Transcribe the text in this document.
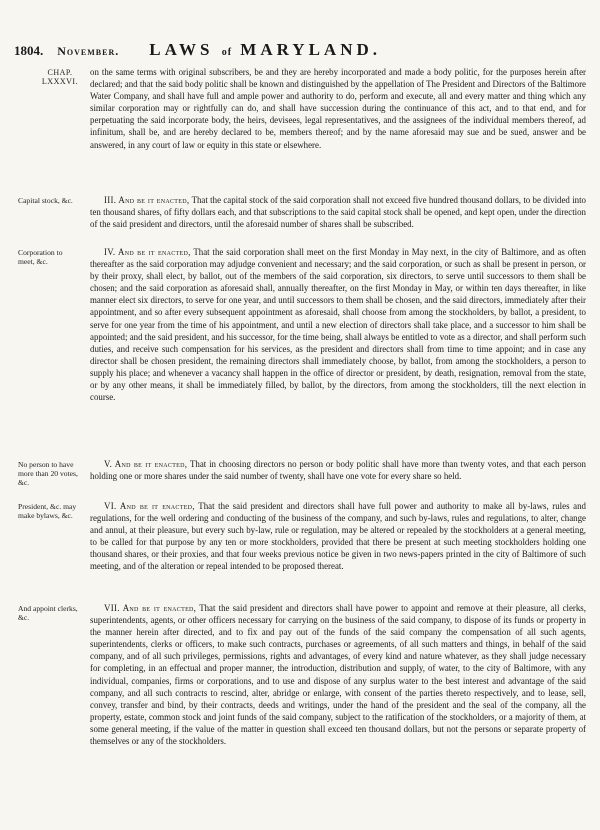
1804. November. LAWS of MARYLAND.
CHAP.
LXXXVI.
on the same terms with original subscribers, be and they are hereby incorporated and made a body politic, for the purposes herein after declared; and that the said body politic shall be known and distinguished by the appellation of The President and Directors of the Baltimore Water Company, and shall have full and ample power and authority to do, perform and execute, all and every matter and thing which any similar corporation may or rightfully can do, and shall have succession during the continuance of this act, and to that end, and for perpetuating the said incorporate body, the heirs, devisees, legal representatives, and the assignees of the individual members thereof, ad infinitum, shall be, and are hereby declared to be, members thereof; and by the name aforesaid may sue and be sued, answer and be answered, in any court of law or equity in this state or elsewhere.
Capital stock, &c.	III. And be it enacted, That the capital stock of the said corporation shall not exceed five hundred thousand dollars, to be divided into ten thousand shares, of fifty dollars each, and that subscriptions to the said capital stock shall be opened, and kept open, under the direction of the said president and directors, until the aforesaid number of shares shall be subscribed.
Corporation to meet, &c.
IV. And be it enacted, That the said corporation shall meet on the first Monday in May next, in the city of Baltimore, and as often thereafter as the said corporation may adjudge convenient and necessary; and the said corporation, or such as shall be present in person, or by their proxy, shall elect, by ballot, out of the members of the said corporation, six directors, to serve until successors to them shall be chosen; and the said corporation as aforesaid shall, annually thereafter, on the first Monday in May, or within ten days thereafter, in like manner elect six directors, to serve for one year, and until successors to them shall be chosen, and the said directors, immediately after their appointment, and so after every subsequent appointment as aforesaid, shall choose from among the stockholders, by ballot, a president, to serve for one year from the time of his appointment, and until a new election of directors shall take place, and a successor to him shall be appointed; and the said president, and his successor, for the time being, shall always be entitled to vote as a director, and shall perform such duties, and receive such compensation for his services, as the president and directors shall from time to time appoint; and in case any director shall be chosen president, the remaining directors shall immediately choose, by ballot, from among the stockholders, a person to supply his place; and whenever a vacancy shall happen in the office of director or president, by death, resignation, removal from the state, or by any other means, it shall be immediately filled, by ballot, by the directors, from among the stockholders, till the next election in course.
No person to have more than 20 votes, &c.
V. And be it enacted, That in choosing directors no person or body politic shall have more than twenty votes, and that each person holding one or more shares under the said number of twenty, shall have one vote for every share so held.
President, &c. may make bylaws, &c.
VI. And be it enacted, That the said president and directors shall have full power and authority to make all by-laws, rules and regulations, for the well ordering and conducting of the business of the company, and such by-laws, rules and regulations, to alter, change and annul, at their pleasure, but every such by-law, rule or regulation, may be altered or repealed by the stockholders at a general meeting, to be called for that purpose by any ten or more stockholders, provided that there be present at such meeting stockholders holding one thousand shares, or their proxies, and that four weeks previous notice be given in two news-papers printed in the city of Baltimore of such meeting, and of the alteration or repeal intended to be proposed thereat.
And appoint clerks, &c.
VII. And be it enacted, That the said president and directors shall have power to appoint and remove at their pleasure, all clerks, superintendents, agents, or other officers necessary for carrying on the business of the said company, to dispose of its funds or property in the manner herein after directed, and to fix and pay out of the funds of the said company the compensation of all such agents, superintendents, clerks or officers, to make such contracts, purchases or agreements, of all such matters and things, in behalf of the said company, and of all such privileges, permissions, rights and advantages, of every kind and nature whatever, as they shall judge necessary for completing, in an effectual and proper manner, the introduction, distribution and supply, of water, to the city of Baltimore, with any individual, companies, firms or corporations, and to use and dispose of any surplus water to the best interest and advantage of the said company, and all such contracts to rescind, alter, abridge or enlarge, with consent of the parties thereto respectively, and to lease, sell, convey, transfer and bind, by their contracts, deeds and writings, under the hand of the president and the seal of the company, all the property, estate, common stock and joint funds of the said company, subject to the ratification of the stockholders, or a majority of them, at some general meeting, if the value of the matter in question shall exceed ten thousand dollars, but not the persons or separate property of themselves or any of the stockholders.
